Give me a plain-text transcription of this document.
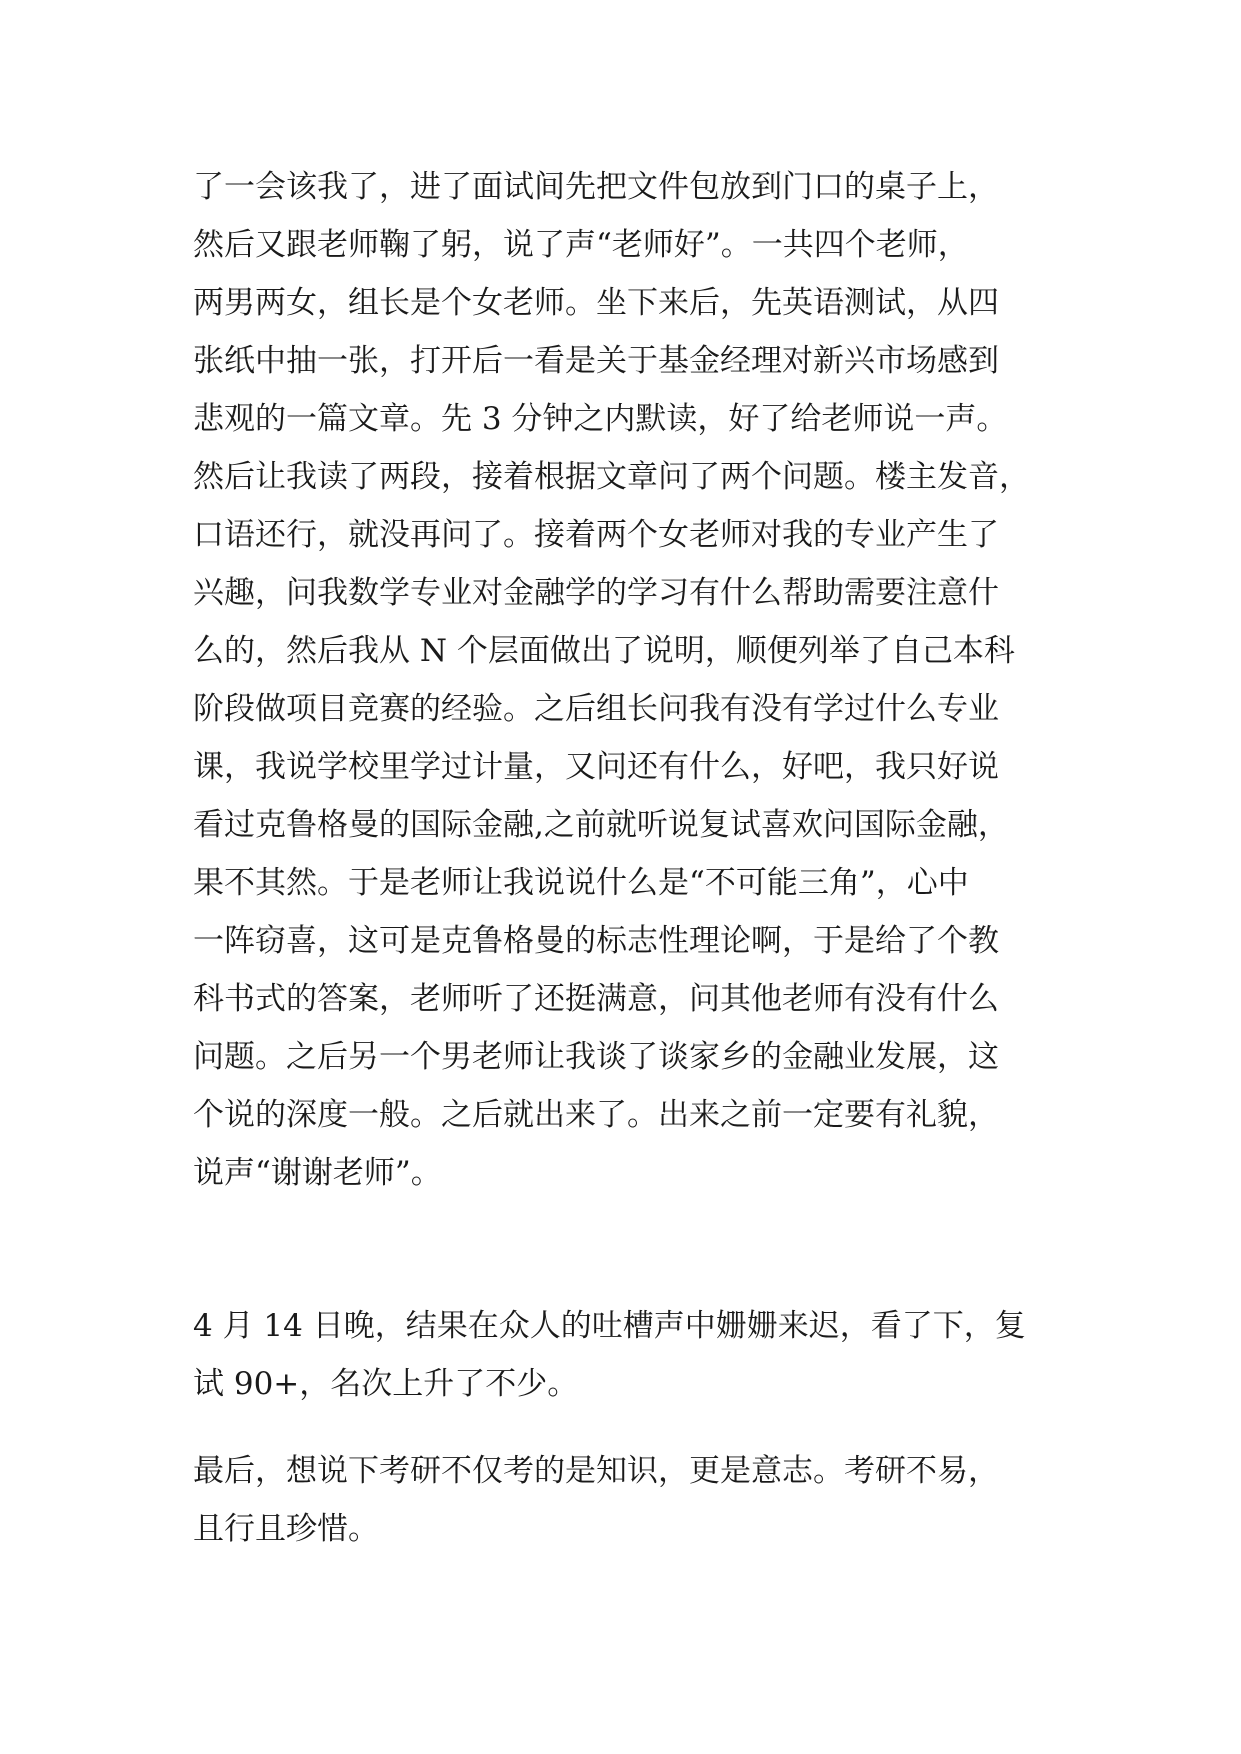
了一会该我了，进了面试间先把文件包放到门口的桌子上，
然后又跟老师鞠了躬，说了声“老师好”。一共四个老师，
两男两女，组长是个女老师。坐下来后，先英语测试，从四
张纸中抽一张，打开后一看是关于基金经理对新兴市场感到
悲观的一篇文章。先 3 分钟之内默读，好了给老师说一声。
然后让我读了两段，接着根据文章问了两个问题。楼主发音，
口语还行，就没再问了。接着两个女老师对我的专业产生了
兴趣，问我数学专业对金融学的学习有什么帮助需要注意什
么的，然后我从 N 个层面做出了说明，顺便列举了自己本科
阶段做项目竞赛的经验。之后组长问我有没有学过什么专业
课，我说学校里学过计量，又问还有什么，好吧，我只好说
看过克鲁格曼的国际金融,之前就听说复试喜欢问国际金融，
果不其然。于是老师让我说说什么是“不可能三角”，心中
一阵窃喜，这可是克鲁格曼的标志性理论啊，于是给了个教
科书式的答案，老师听了还挺满意，问其他老师有没有什么
问题。之后另一个男老师让我谈了谈家乡的金融业发展，这
个说的深度一般。之后就出来了。出来之前一定要有礼貌，
说声“谢谢老师”。
4 月 14 日晚，结果在众人的吐槽声中姗姗来迟，看了下，复
试 90+，名次上升了不少。
最后，想说下考研不仅考的是知识，更是意志。考研不易，
且行且珍惜。
